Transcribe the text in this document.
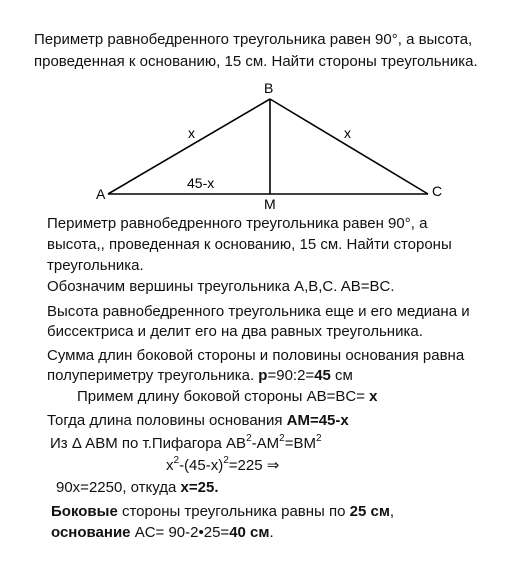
Периметр равнобедренного треугольника равен 90°, а высота,
проведенная к основанию, 15 см. Найти стороны треугольника.
A
B
C
M
x	x
45-x
Периметр равнобедренного треугольника равен 90°, а
высота,, проведенная к основанию, 15 см. Найти стороны
треугольника.
Обозначим вершины треугольника A,B,C. AB=BC.
Высота равнобедренного треугольника еще и его медиана и
биссектриса и делит его на два равных треугольника.
Сумма длин боковой стороны и половины основания равна
полупериметру треугольника. p=90:2=45 см
Примем длину боковой стороны AB=BC= x
Тогда длина половины основания AM=45-x
Из Δ ABM по т.Пифагора $AB^2-AM^2=BM^2$
$x^2-(45-x)^2=225$ ⇒
90x=2250, откуда x=25.
Боковые стороны треугольника равны по 25 см,
основание AC= 90-2•25=40 см.
